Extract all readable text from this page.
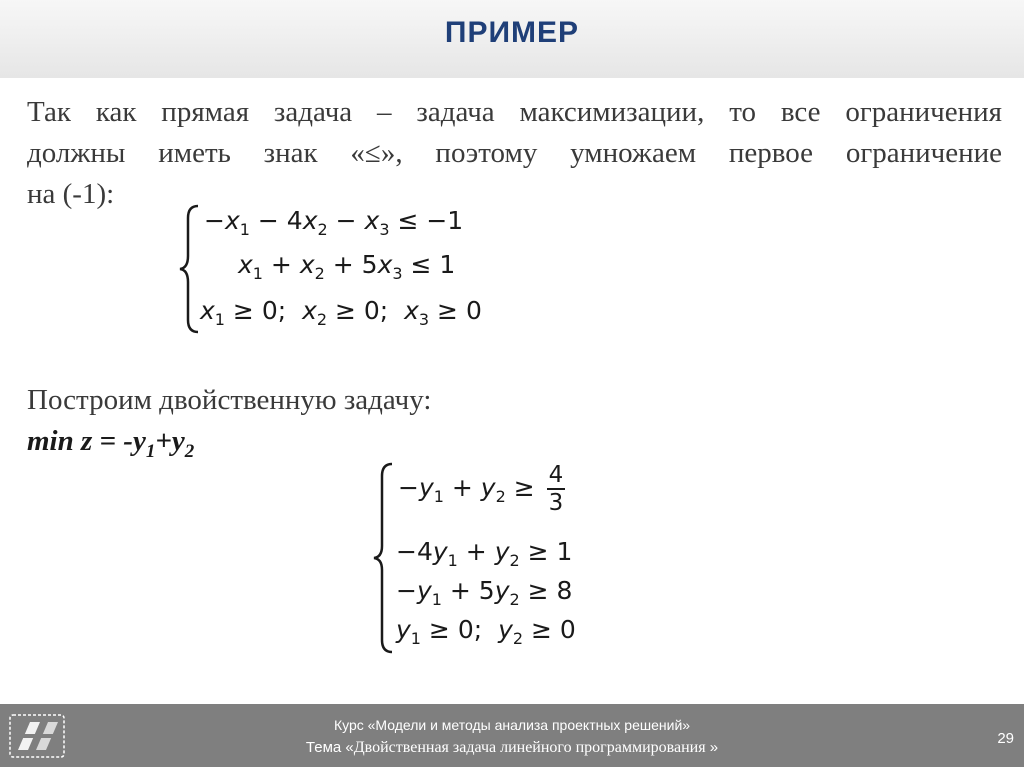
ПРИМЕР
Так как прямая задача – задача максимизации, то все ограничения
должны иметь знак «≤», поэтому умножаем первое ограничение
на (-1):
$-x_1 - 4x_2 - x_3 \le -1$
$x_1 + x_2 + 5x_3 \le 1$
$x_1 \ge 0$;  $x_2 \ge 0$;  $x_3 \ge 0$
Построим двойственную задачу:
$\min z = -y_1+y_2$
$-y_1 + y_2 \ge \frac{4}{3}$
$-4y_1 + y_2 \ge 1$
$-y_1 + 5y_2 \ge 8$
$y_1 \ge 0$;  $y_2 \ge 0$
Курс «Модели и методы анализа проектных решений»
Тема «Двойственная задача линейного программирования »
29
